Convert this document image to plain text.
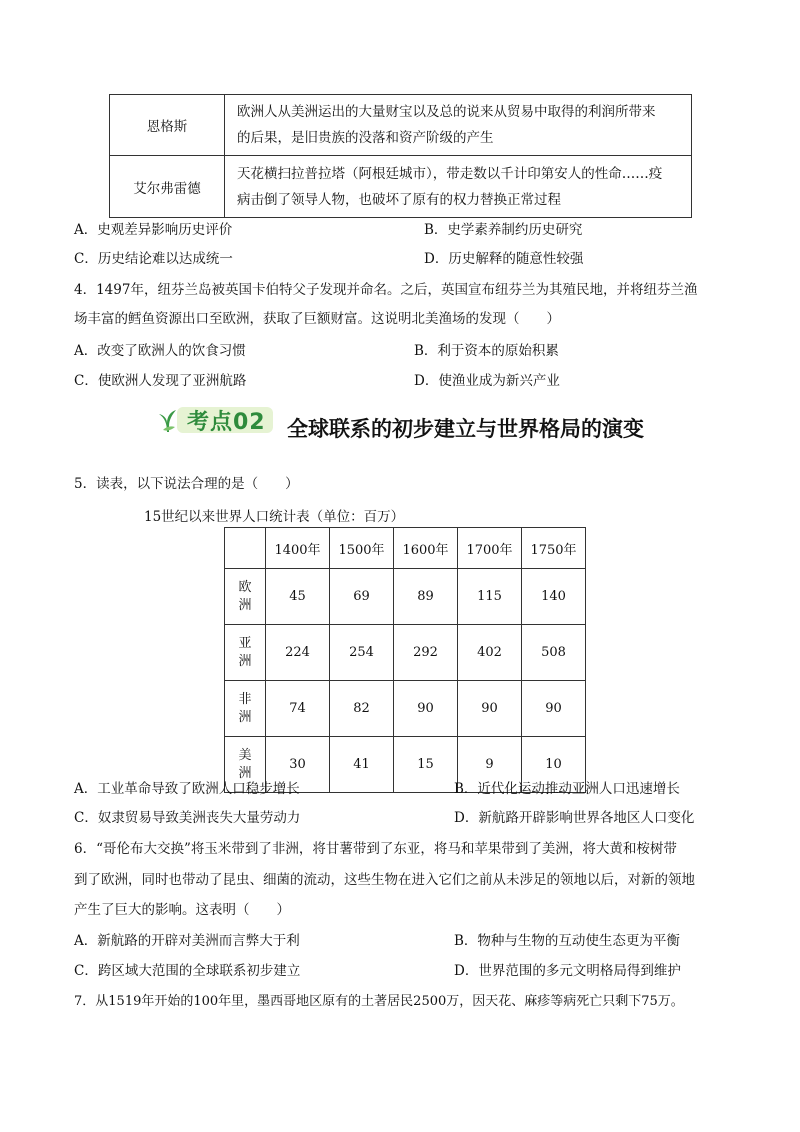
恩格斯	欧洲人从美洲运出的大量财宝以及总的说来从贸易中取得的利润所带来
的后果，是旧贵族的没落和资产阶级的产生

艾尔弗雷德	天花横扫拉普拉塔（阿根廷城市），带走数以千计印第安人的性命……疫
病击倒了领导人物，也破坏了原有的权力替换正常过程
A．史观差异影响历史评价	B．史学素养制约历史研究
C．历史结论难以达成统一	D．历史解释的随意性较强
4．1497年，纽芬兰岛被英国卡伯特父子发现并命名。之后，英国宣布纽芬兰为其殖民地，并将纽芬兰渔
场丰富的鳕鱼资源出口至欧洲，获取了巨额财富。这说明北美渔场的发现（　　）
A．改变了欧洲人的饮食习惯	B．利于资本的原始积累
C．使欧洲人发现了亚洲航路	D．使渔业成为新兴产业
考点02 全球联系的初步建立与世界格局的演变
5．读表，以下说法合理的是（　　）
15世纪以来世界人口统计表（单位：百万）
	1400年	1500年	1600年	1700年	1750年

欧
洲	45	69	89	115	140

亚
洲	224	254	292	402	508

非
洲	74	82	90	90	90

美
洲	30	41	15	9	10
A．工业革命导致了欧洲人口稳步增长	B．近代化运动推动亚洲人口迅速增长
C．奴隶贸易导致美洲丧失大量劳动力	D．新航路开辟影响世界各地区人口变化
6．“哥伦布大交换”将玉米带到了非洲，将甘薯带到了东亚，将马和苹果带到了美洲，将大黄和桉树带
到了欧洲，同时也带动了昆虫、细菌的流动，这些生物在进入它们之前从未涉足的领地以后，对新的领地
产生了巨大的影响。这表明（　　）
A．新航路的开辟对美洲而言弊大于利	B．物种与生物的互动使生态更为平衡
C．跨区域大范围的全球联系初步建立	D．世界范围的多元文明格局得到维护
7．从1519年开始的100年里，墨西哥地区原有的土著居民2500万，因天花、麻疹等病死亡只剩下75万。
